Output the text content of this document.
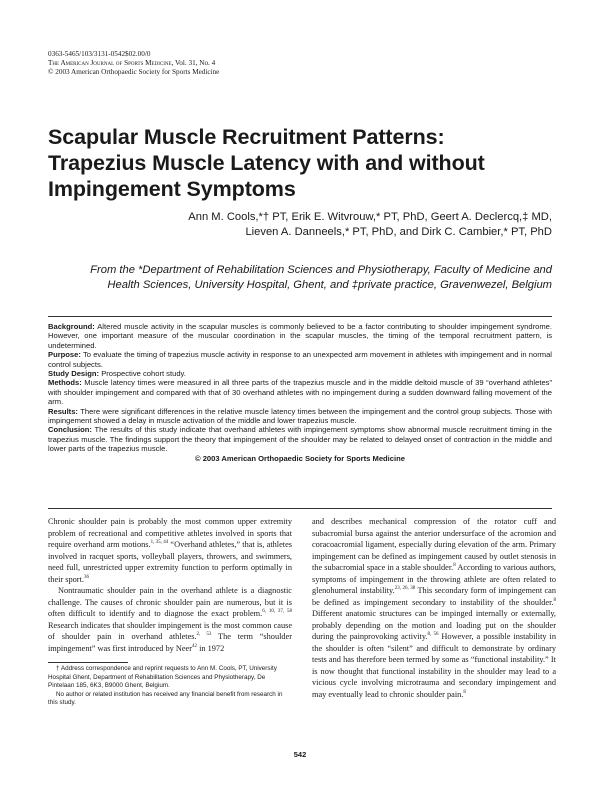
0363-5465/103/3131-0542$02.00/0
The American Journal of Sports Medicine, Vol. 31, No. 4
© 2003 American Orthopaedic Society for Sports Medicine
Scapular Muscle Recruitment Patterns:
Trapezius Muscle Latency with and without
Impingement Symptoms
Ann M. Cools,*† PT, Erik E. Witvrouw,* PT, PhD, Geert A. Declercq,‡ MD,
Lieven A. Danneels,* PT, PhD, and Dirk C. Cambier,* PT, PhD
From the *Department of Rehabilitation Sciences and Physiotherapy, Faculty of Medicine and
Health Sciences, University Hospital, Ghent, and ‡private practice, Gravenwezel, Belgium

Background: Altered muscle activity in the scapular muscles is commonly believed to be a factor contributing to shoulder impingement syndrome. However, one important measure of the muscular coordination in the scapular muscles, the timing of the temporal recruitment pattern, is undetermined.

Purpose: To evaluate the timing of trapezius muscle activity in response to an unexpected arm movement in athletes with impingement and in normal control subjects.

Study Design: Prospective cohort study.

Methods: Muscle latency times were measured in all three parts of the trapezius muscle and in the middle deltoid muscle of 39 “overhand athletes” with shoulder impingement and compared with that of 30 overhand athletes with no impingement during a sudden downward falling movement of the arm.

Results: There were significant differences in the relative muscle latency times between the impingement and the control group subjects. Those with impingement showed a delay in muscle activation of the middle and lower trapezius muscle.

Conclusion: The results of this study indicate that overhand athletes with impingement symptoms show abnormal muscle recruitment timing in the trapezius muscle. The findings support the theory that impingement of the shoulder may be related to delayed onset of contraction in the middle and lower parts of the trapezius muscle.

© 2003 American Orthopaedic Society for Sports Medicine

Chronic shoulder pain is probably the most common upper extremity problem of recreational and competitive athletes involved in sports that require overhand arm motions.$^{1, 35, 44}$ “Overhand athletes,” that is, athletes involved in racquet sports, volleyball players, throwers, and swimmers, need full, unrestricted upper extremity function to perform optimally in their sport.$^{36}$

Nontraumatic shoulder pain in the overhand athlete is a diagnostic challenge. The causes of chronic shoulder pain are numerous, but it is often difficult to identify and to diagnose the exact problem.$^{6, 10, 37, 58}$ Research indicates that shoulder impingement is the most common cause of shoulder pain in overhand athletes.$^{2, 53}$ The term “shoulder impingement” was first introduced by Neer$^{42}$ in 1972

and describes mechanical compression of the rotator cuff and subacromial bursa against the anterior undersurface of the acromion and coracoacromial ligament, especially during elevation of the arm. Primary impingement can be defined as impingement caused by outlet stenosis in the subacromial space in a stable shoulder.$^8$ According to various authors, symptoms of impingement in the throwing athlete are often related to glenohumeral instability.$^{23, 26, 38}$ This secondary form of impingement can be defined as impingement secondary to instability of the shoulder.$^8$ Different anatomic structures can be impinged internally or externally, probably depending on the motion and loading put on the shoulder during the painprovoking activity.$^{8, 56}$ However, a possible instability in the shoulder is often “silent” and difficult to demonstrate by ordinary tests and has therefore been termed by some as “functional instability.” It is now thought that functional instability in the shoulder may lead to a vicious cycle involving microtrauma and secondary impingement and may eventually lead to chronic shoulder pain.$^8$

† Address correspondence and reprint requests to Ann M. Cools, PT, University Hospital Ghent, Department of Rehabilitation Sciences and Physiotherapy, De Pintelaan 185, 6K3, B9000 Ghent, Belgium.

No author or related institution has received any financial benefit from research in this study.

542
